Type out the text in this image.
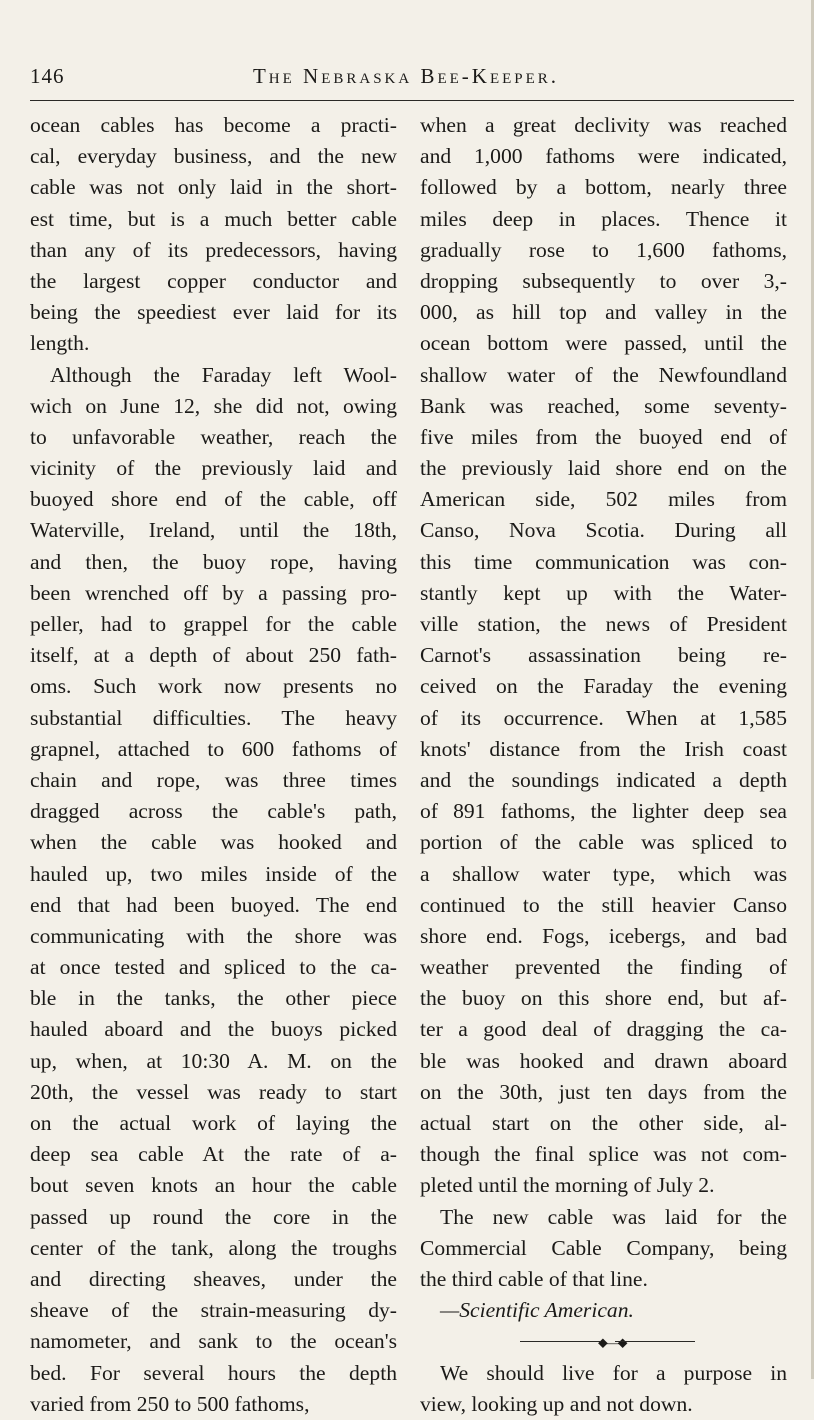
146	The Nebraska Bee-Keeper.
ocean cables has become a practi-
cal, everyday business, and the new
cable was not only laid in the short-
est time, but is a much better cable
than any of its predecessors, having
the largest copper conductor and
being the speediest ever laid for its
length.
Although the Faraday left Wool-
wich on June 12, she did not, owing
to unfavorable weather, reach the
vicinity of the previously laid and
buoyed shore end of the cable, off
Waterville, Ireland, until the 18th,
and then, the buoy rope, having
been wrenched off by a passing pro-
peller, had to grappel for the cable
itself, at a depth of about 250 fath-
oms. Such work now presents no
substantial difficulties. The heavy
grapnel, attached to 600 fathoms of
chain and rope, was three times
dragged across the cable's path,
when the cable was hooked and
hauled up, two miles inside of the
end that had been buoyed. The end
communicating with the shore was
at once tested and spliced to the ca-
ble in the tanks, the other piece
hauled aboard and the buoys picked
up, when, at 10:30 A. M. on the
20th, the vessel was ready to start
on the actual work of laying the
deep sea cable At the rate of a-
bout seven knots an hour the cable
passed up round the core in the
center of the tank, along the troughs
and directing sheaves, under the
sheave of the strain-measuring dy-
namometer, and sank to the ocean's
bed. For several hours the depth
varied from 250 to 500 fathoms,
when a great declivity was reached
and 1,000 fathoms were indicated,
followed by a bottom, nearly three
miles deep in places. Thence it
gradually rose to 1,600 fathoms,
dropping subsequently to over 3,-
000, as hill top and valley in the
ocean bottom were passed, until the
shallow water of the Newfoundland
Bank was reached, some seventy-
five miles from the buoyed end of
the previously laid shore end on the
American side, 502 miles from
Canso, Nova Scotia. During all
this time communication was con-
stantly kept up with the Water-
ville station, the news of President
Carnot's assassination being re-
ceived on the Faraday the evening
of its occurrence. When at 1,585
knots' distance from the Irish coast
and the soundings indicated a depth
of 891 fathoms, the lighter deep sea
portion of the cable was spliced to
a shallow water type, which was
continued to the still heavier Canso
shore end. Fogs, icebergs, and bad
weather prevented the finding of
the buoy on this shore end, but af-
ter a good deal of dragging the ca-
ble was hooked and drawn aboard
on the 30th, just ten days from the
actual start on the other side, al-
though the final splice was not com-
pleted until the morning of July 2.
The new cable was laid for the
Commercial Cable Company, being
the third cable of that line.
—Scientific American.
⬥—⬥
We should live for a purpose in
view, looking up and not down.
